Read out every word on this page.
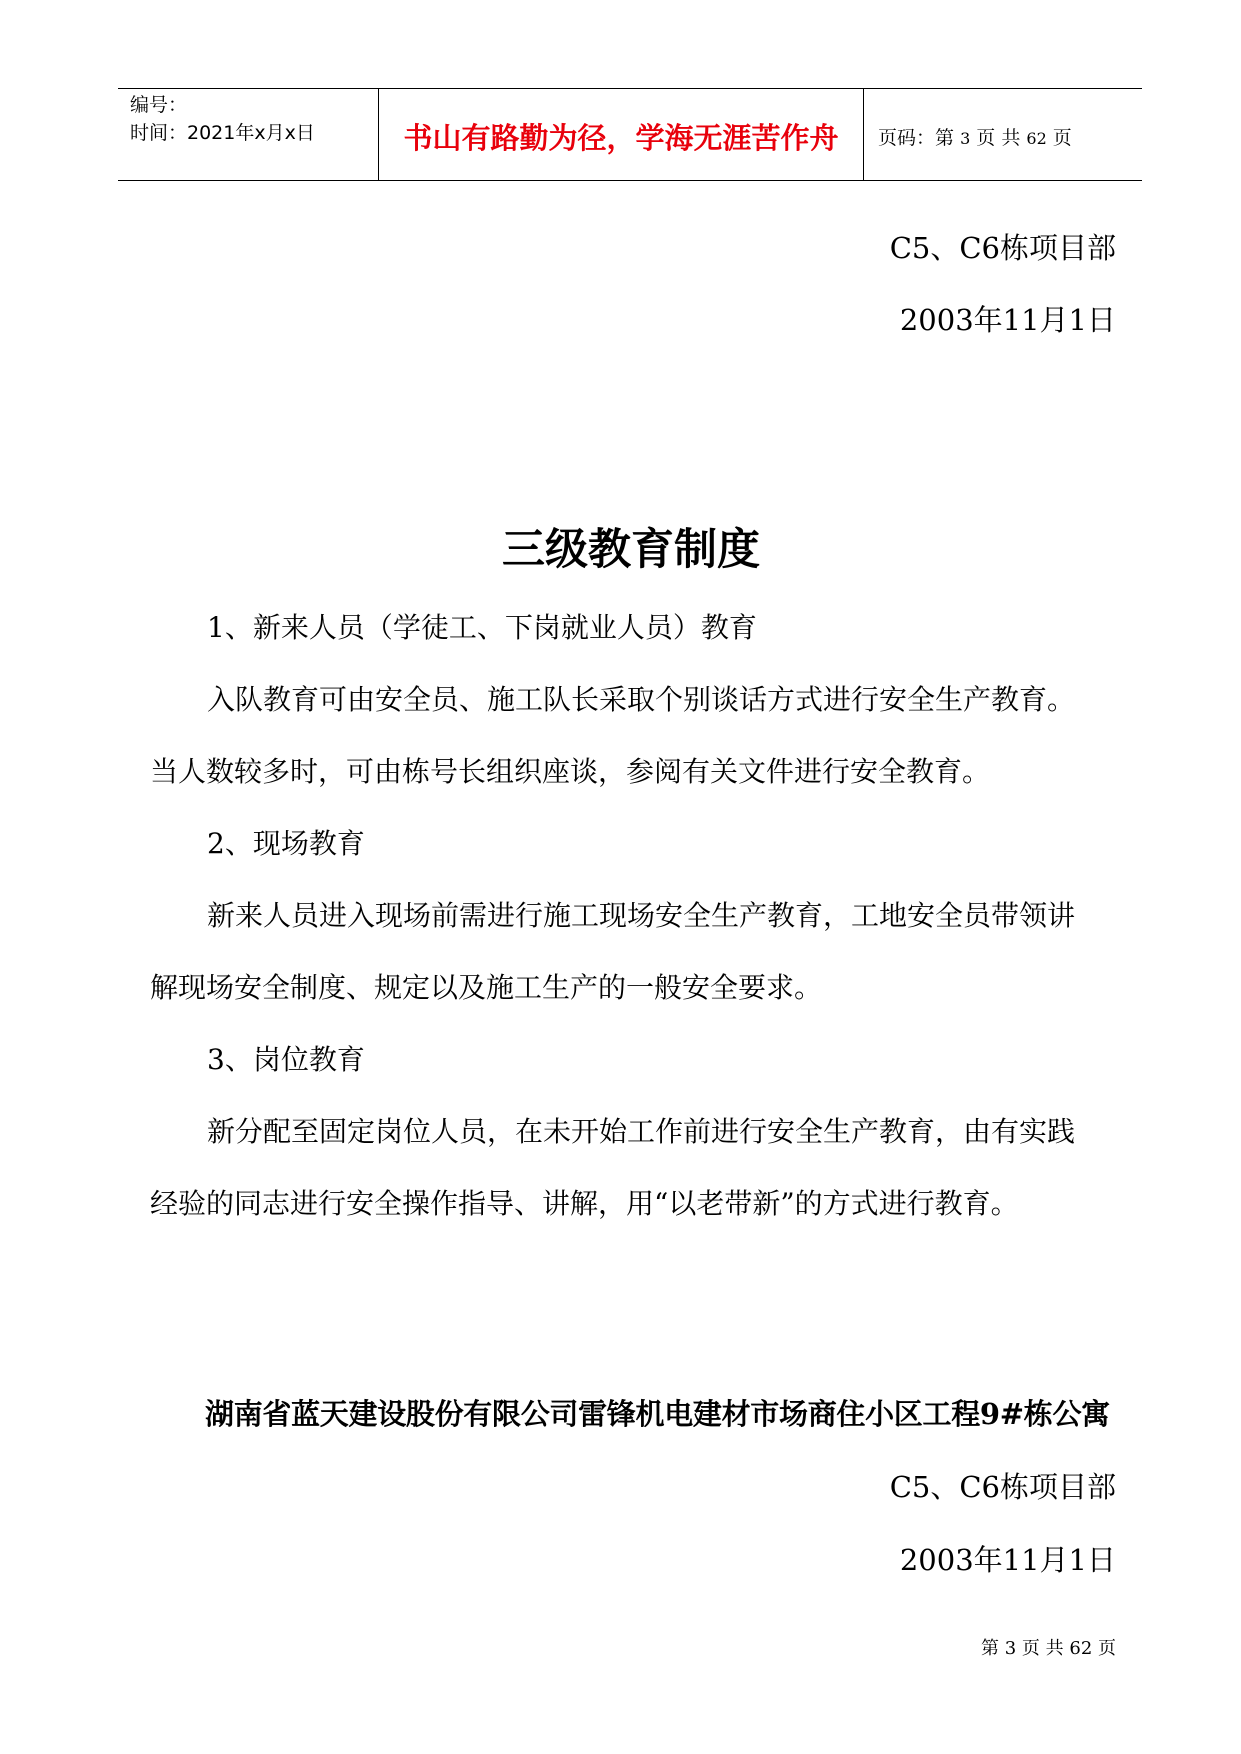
编号：
时间：2021年x月x日	书山有路勤为径，学海无涯苦作舟 页码：第 3 页 共 62 页
C5、C6栋项目部
2003年11月1日
三级教育制度
1、新来人员（学徒工、下岗就业人员）教育
入队教育可由安全员、施工队长采取个别谈话方式进行安全生产教育。
当人数较多时，可由栋号长组织座谈，参阅有关文件进行安全教育。
2、现场教育
新来人员进入现场前需进行施工现场安全生产教育，工地安全员带领讲
解现场安全制度、规定以及施工生产的一般安全要求。
3、岗位教育
新分配至固定岗位人员，在未开始工作前进行安全生产教育，由有实践
经验的同志进行安全操作指导、讲解，用“以老带新”的方式进行教育。
湖南省蓝天建设股份有限公司雷锋机电建材市场商住小区工程9#栋公寓
C5、C6栋项目部
2003年11月1日
第 3 页 共 62 页
